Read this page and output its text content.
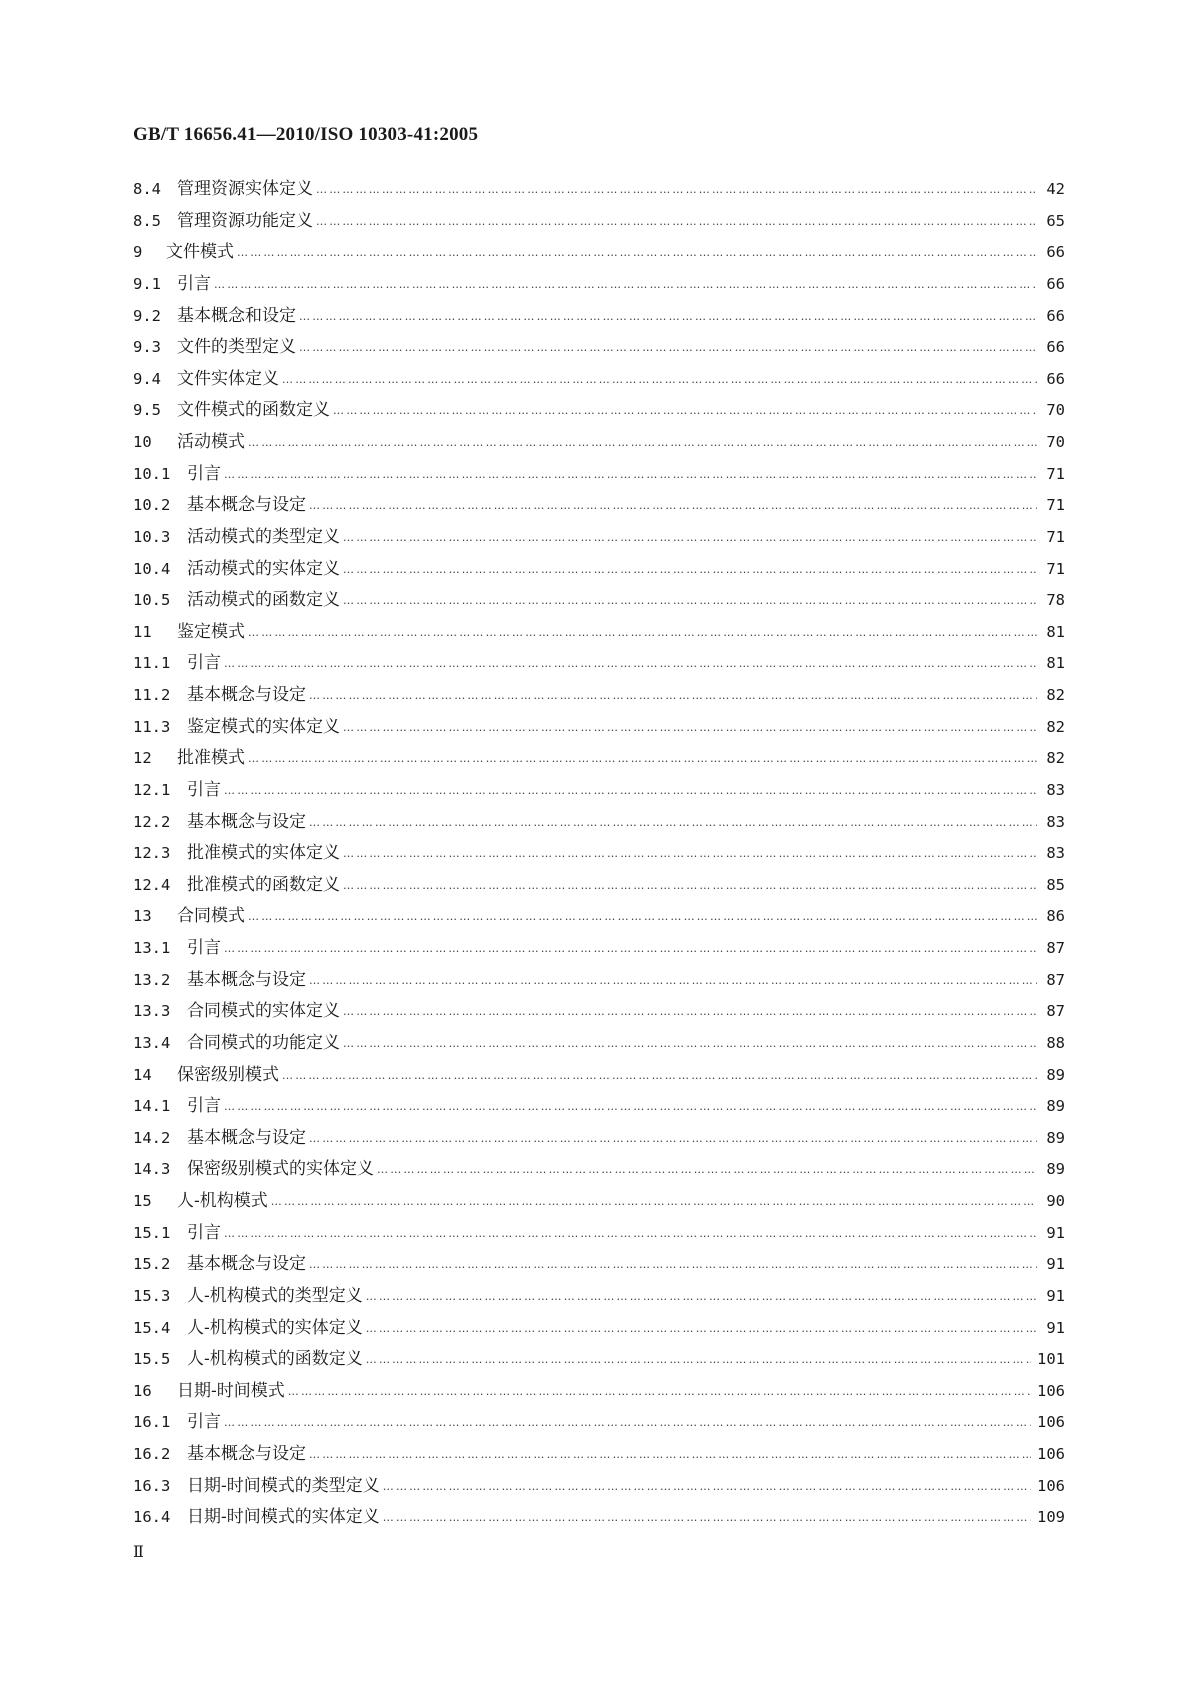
GB/T 16656.41—2010/ISO 10303-41:2005
8.4 管理资源实体定义 …………………………………………………………………………………………………………………………………………………………………………………………………………………………………………………………………	42
8.5 管理资源功能定义 …………………………………………………………………………………………………………………………………………………………………………………………………………………………………………………………………	65
9	文件模式 …………………………………………………………………………………………………………………………………………………………………………………………………………………………………………………………………	66
9.1 引言 …………………………………………………………………………………………………………………………………………………………………………………………………………………………………………………………………	66
9.2 基本概念和设定 …………………………………………………………………………………………………………………………………………………………………………………………………………………………………………………………………	66
9.3 文件的类型定义 …………………………………………………………………………………………………………………………………………………………………………………………………………………………………………………………………	66
9.4 文件实体定义 …………………………………………………………………………………………………………………………………………………………………………………………………………………………………………………………………	66
9.5 文件模式的函数定义 …………………………………………………………………………………………………………………………………………………………………………………………………………………………………………………………………	70
10	活动模式 …………………………………………………………………………………………………………………………………………………………………………………………………………………………………………………………………	70
10.1 引言 …………………………………………………………………………………………………………………………………………………………………………………………………………………………………………………………………	71
10.2 基本概念与设定 …………………………………………………………………………………………………………………………………………………………………………………………………………………………………………………………………	71
10.3 活动模式的类型定义 …………………………………………………………………………………………………………………………………………………………………………………………………………………………………………………………………	71
10.4 活动模式的实体定义 …………………………………………………………………………………………………………………………………………………………………………………………………………………………………………………………………	71
10.5 活动模式的函数定义 …………………………………………………………………………………………………………………………………………………………………………………………………………………………………………………………………	78
11	鉴定模式 …………………………………………………………………………………………………………………………………………………………………………………………………………………………………………………………………	81
11.1 引言 …………………………………………………………………………………………………………………………………………………………………………………………………………………………………………………………………	81
11.2 基本概念与设定 …………………………………………………………………………………………………………………………………………………………………………………………………………………………………………………………………	82
11.3 鉴定模式的实体定义 …………………………………………………………………………………………………………………………………………………………………………………………………………………………………………………………………	82
12	批准模式 …………………………………………………………………………………………………………………………………………………………………………………………………………………………………………………………………	82
12.1 引言 …………………………………………………………………………………………………………………………………………………………………………………………………………………………………………………………………	83
12.2 基本概念与设定 …………………………………………………………………………………………………………………………………………………………………………………………………………………………………………………………………	83
12.3 批准模式的实体定义 …………………………………………………………………………………………………………………………………………………………………………………………………………………………………………………………………	83
12.4 批准模式的函数定义 …………………………………………………………………………………………………………………………………………………………………………………………………………………………………………………………………	85
13	合同模式 …………………………………………………………………………………………………………………………………………………………………………………………………………………………………………………………………	86
13.1 引言 …………………………………………………………………………………………………………………………………………………………………………………………………………………………………………………………………	87
13.2 基本概念与设定 …………………………………………………………………………………………………………………………………………………………………………………………………………………………………………………………………	87
13.3 合同模式的实体定义 …………………………………………………………………………………………………………………………………………………………………………………………………………………………………………………………………	87
13.4 合同模式的功能定义 …………………………………………………………………………………………………………………………………………………………………………………………………………………………………………………………………	88
14	保密级别模式 …………………………………………………………………………………………………………………………………………………………………………………………………………………………………………………………………	89
14.1 引言 …………………………………………………………………………………………………………………………………………………………………………………………………………………………………………………………………	89
14.2 基本概念与设定 …………………………………………………………………………………………………………………………………………………………………………………………………………………………………………………………………	89
14.3 保密级别模式的实体定义 …………………………………………………………………………………………………………………………………………………………………………………………………………………………………………………………………	89
15	人-机构模式 …………………………………………………………………………………………………………………………………………………………………………………………………………………………………………………………………	90
15.1 引言 …………………………………………………………………………………………………………………………………………………………………………………………………………………………………………………………………	91
15.2 基本概念与设定 …………………………………………………………………………………………………………………………………………………………………………………………………………………………………………………………………	91
15.3 人-机构模式的类型定义 …………………………………………………………………………………………………………………………………………………………………………………………………………………………………………………………………	91
15.4 人-机构模式的实体定义 …………………………………………………………………………………………………………………………………………………………………………………………………………………………………………………………………	91
15.5 人-机构模式的函数定义 …………………………………………………………………………………………………………………………………………………………………………………………………………………………………………………………………	101
16	日期-时间模式 …………………………………………………………………………………………………………………………………………………………………………………………………………………………………………………………………	106
16.1 引言 …………………………………………………………………………………………………………………………………………………………………………………………………………………………………………………………………	106
16.2 基本概念与设定 …………………………………………………………………………………………………………………………………………………………………………………………………………………………………………………………………	106
16.3 日期-时间模式的类型定义 …………………………………………………………………………………………………………………………………………………………………………………………………………………………………………………………………	106
16.4 日期-时间模式的实体定义 …………………………………………………………………………………………………………………………………………………………………………………………………………………………………………………………………	109
Ⅱ
